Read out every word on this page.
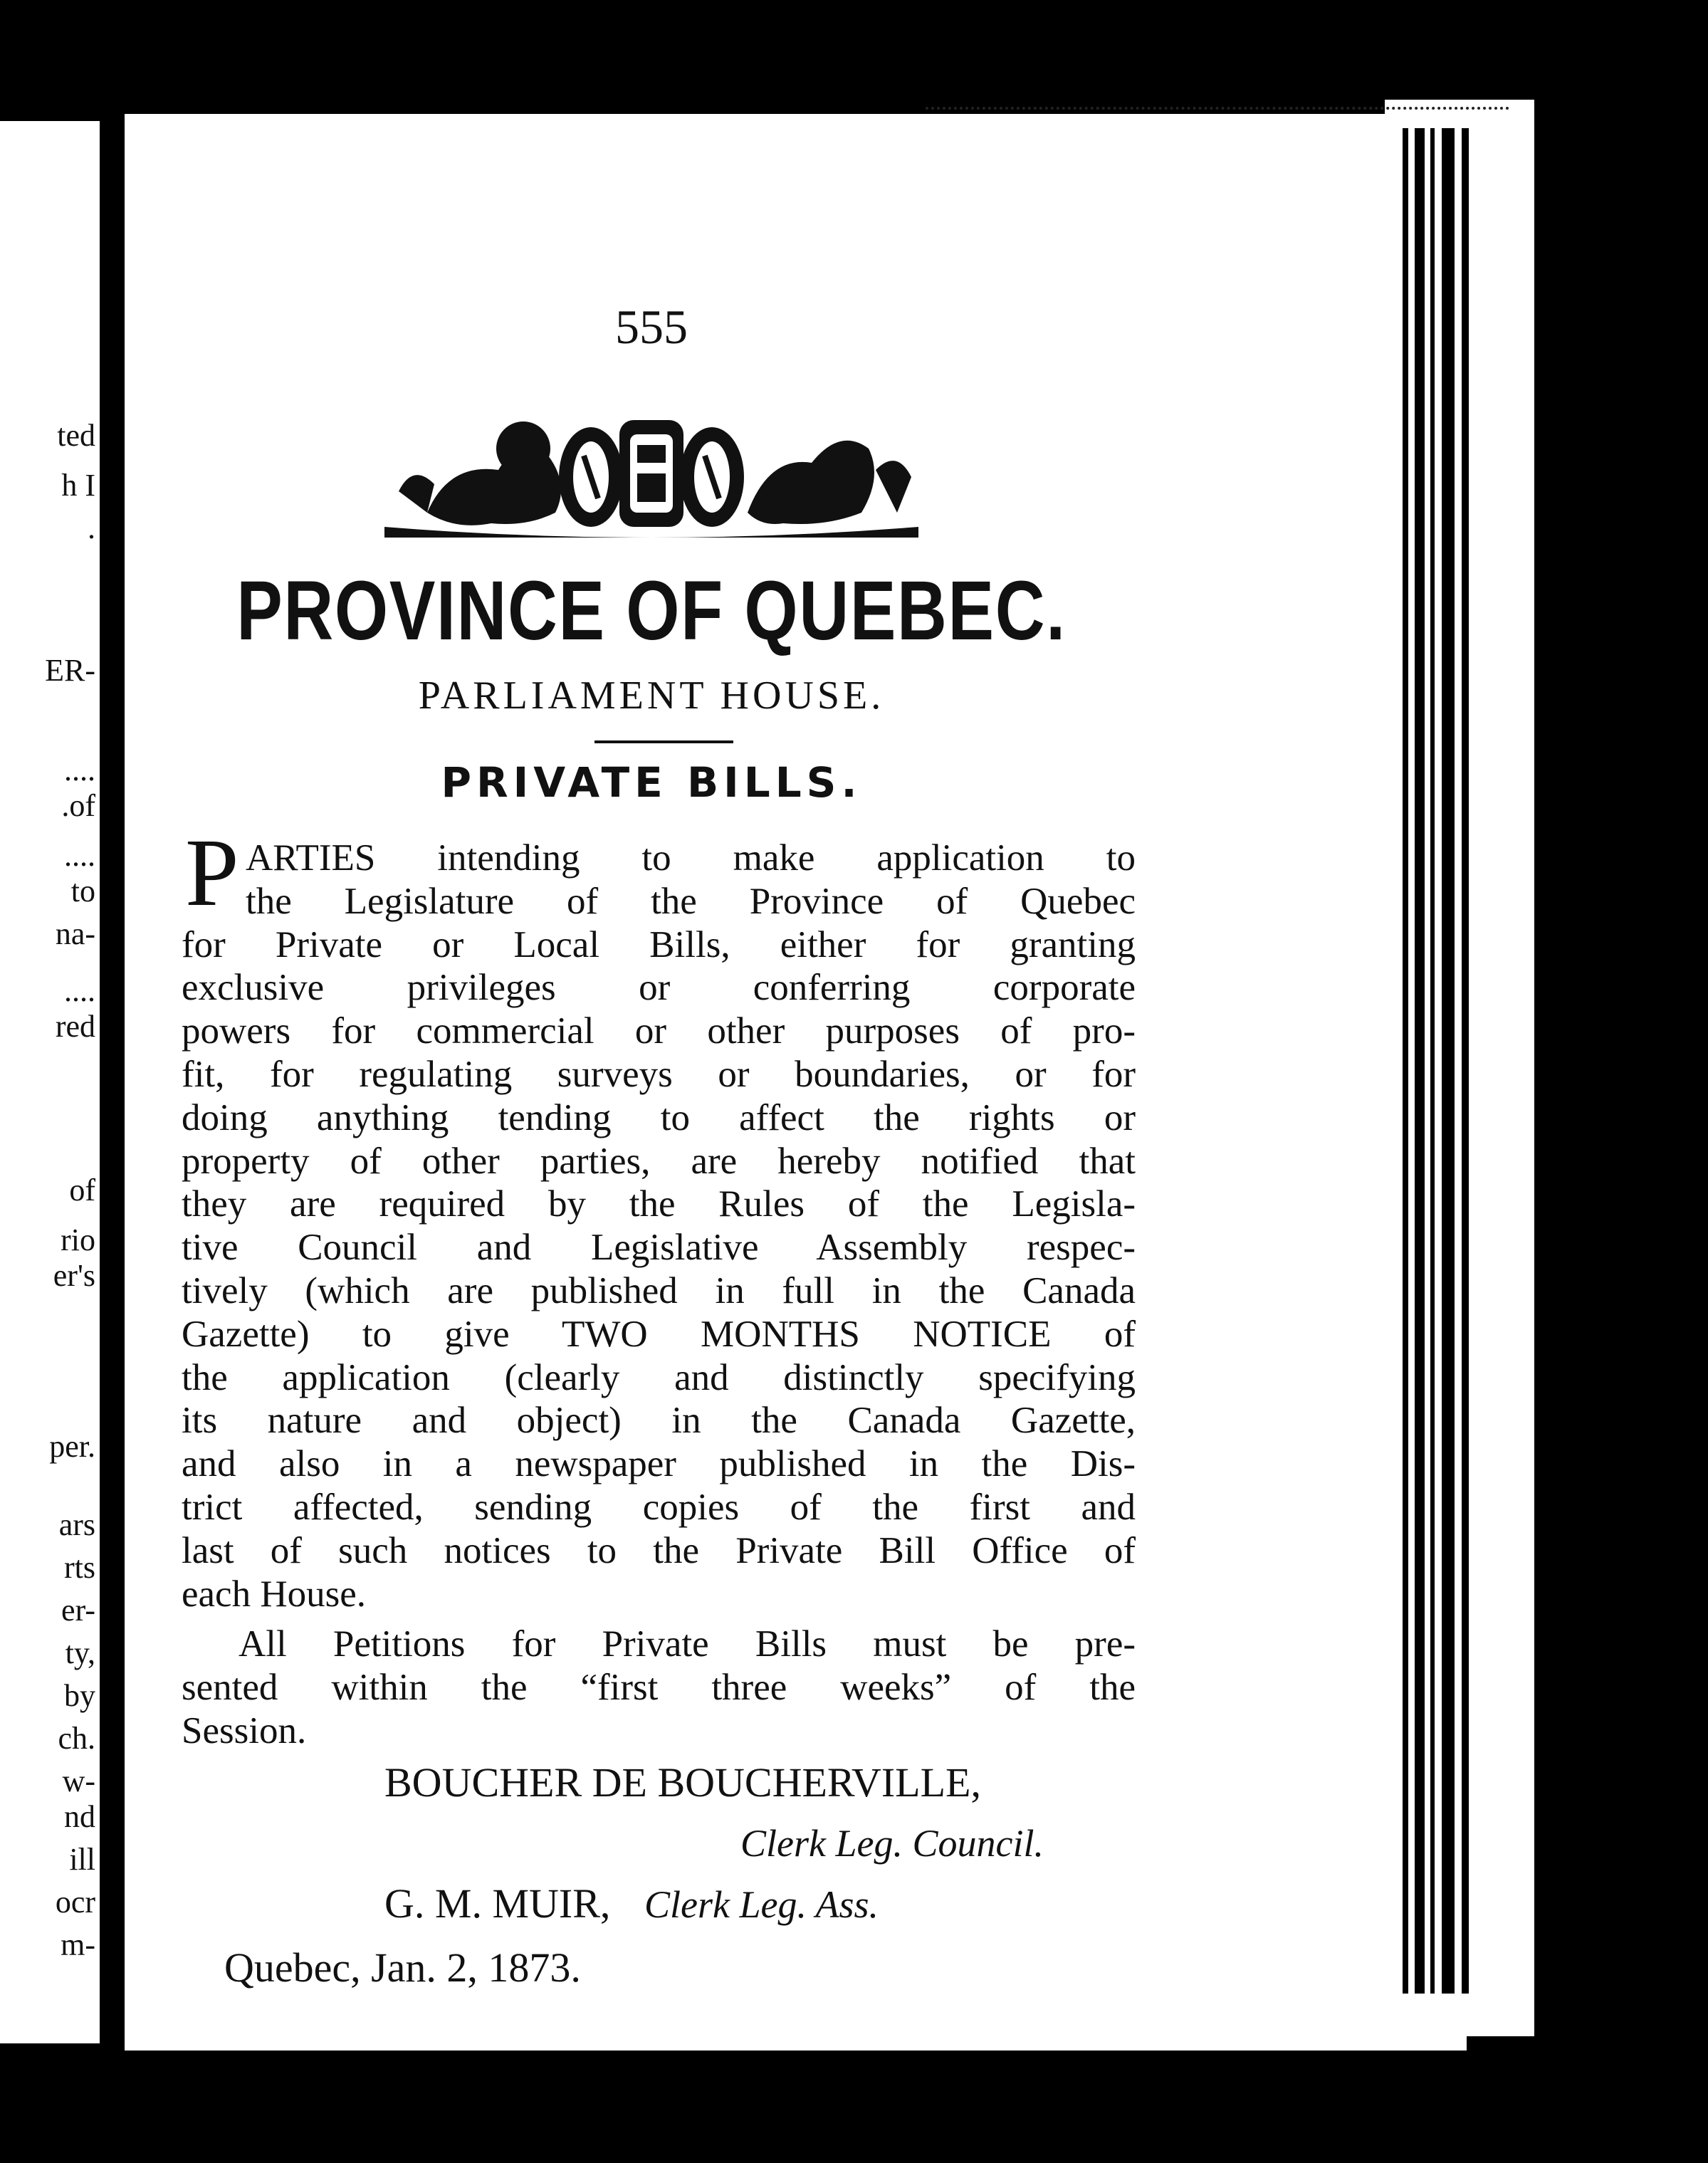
ted
h I
.
ER-
....
.of
....
to
na-
....
red
of
rio
er's
per.
ars
rts
er-
ty,
by
ch.
w-
nd
ill
ocr
m-
555
PROVINCE OF QUEBEC.
PARLIAMENT HOUSE.
PRIVATE BILLS.
P ARTIES intending to make application to
the Legislature of the Province of Quebec
for Private or Local Bills, either for granting
exclusive privileges or conferring corporate
powers for commercial or other purposes of pro-
fit, for regulating surveys or boundaries, or for
doing anything tending to affect the rights or
property of other parties, are hereby notified that
they are required by the Rules of the Legisla-
tive Council and Legislative Assembly respec-
tively (which are published in full in the Canada
Gazette) to give TWO MONTHS NOTICE of
the application (clearly and distinctly specifying
its nature and object) in the Canada Gazette,
and also in a newspaper published in the Dis-
trict affected, sending copies of the first and
last of such notices to the Private Bill Office of
each House.
All Petitions for Private Bills must be pre-
sented within the “first three weeks” of the
Session.
BOUCHER DE BOUCHERVILLE,
Clerk Leg. Council.
G. M. MUIR, Clerk Leg. Ass.
Quebec, Jan. 2, 1873.
